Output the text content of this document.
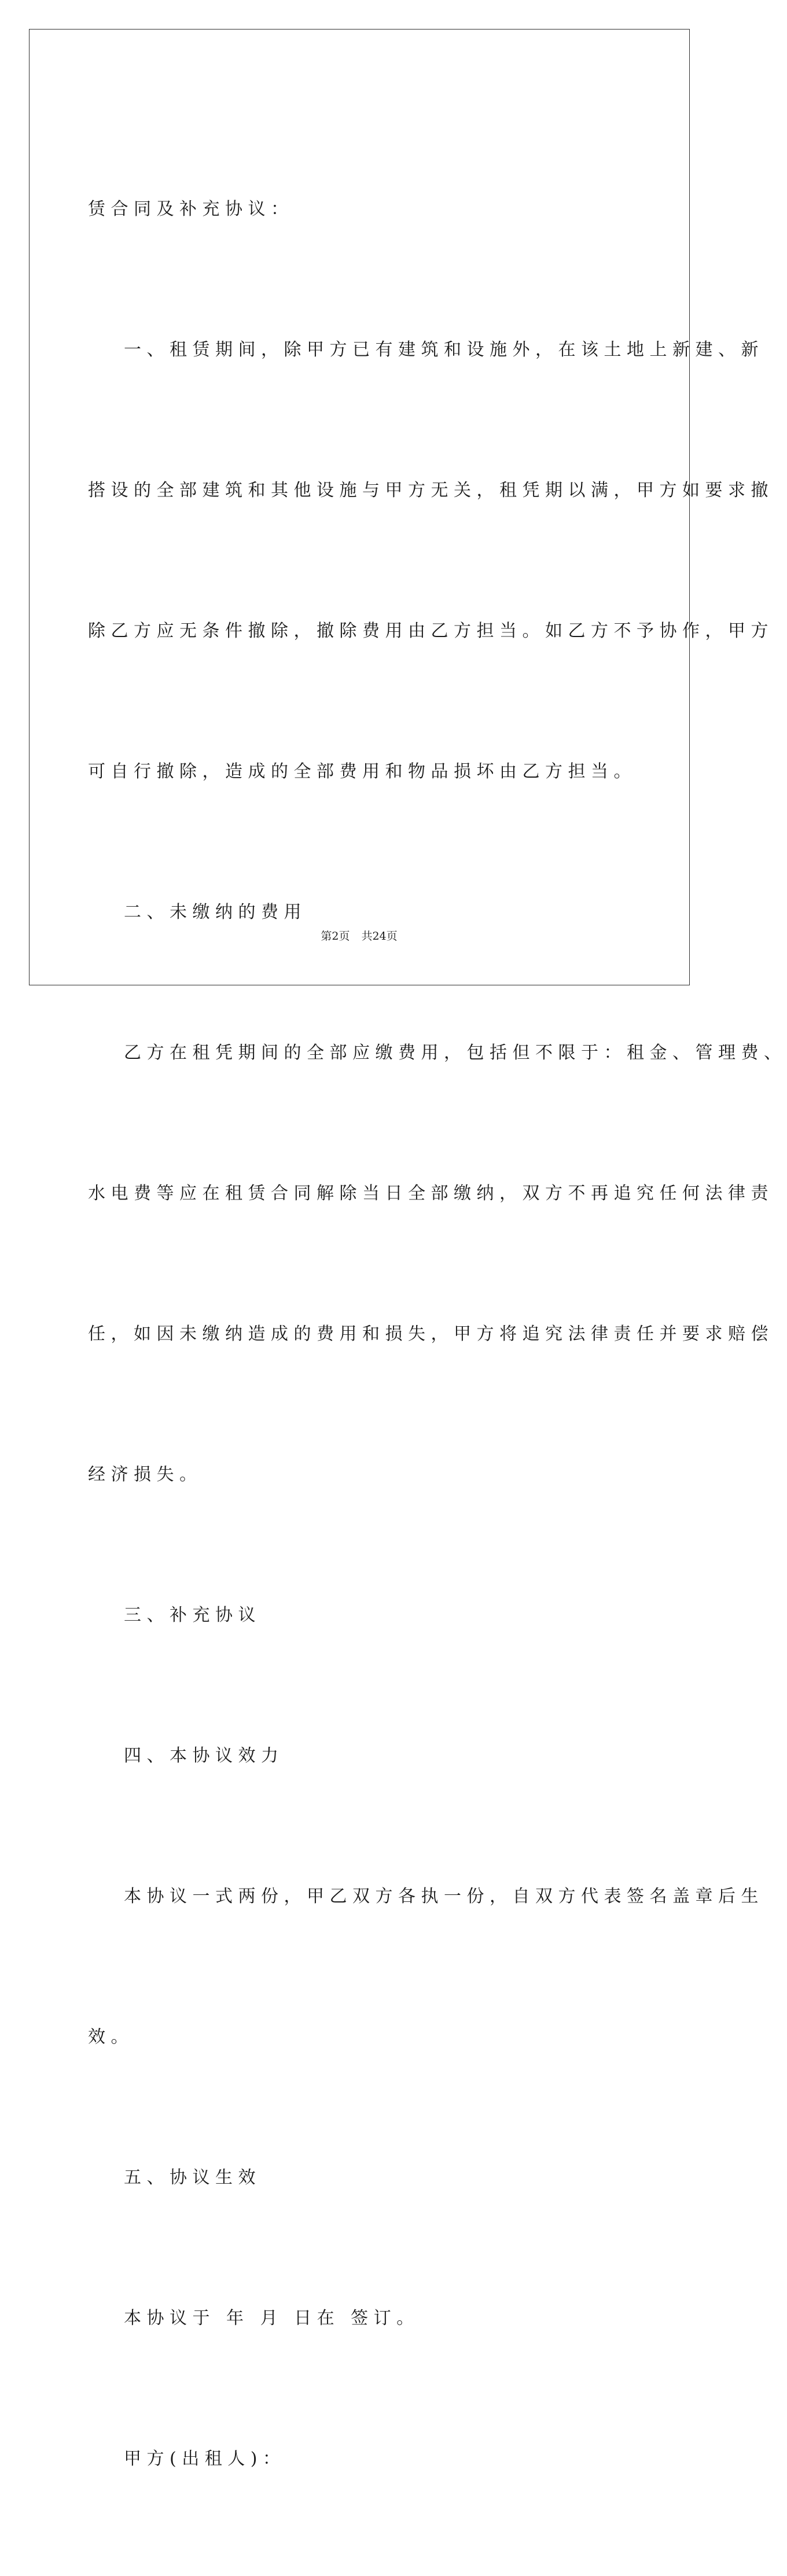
赁合同及补充协议：

一、租赁期间，除甲方已有建筑和设施外，在该土地上新建、新

搭设的全部建筑和其他设施与甲方无关，租凭期以满，甲方如要求撤

除乙方应无条件撤除，撤除费用由乙方担当。如乙方不予协作，甲方

可自行撤除，造成的全部费用和物品损坏由乙方担当。

二、未缴纳的费用

乙方在租凭期间的全部应缴费用，包括但不限于：租金、管理费、

水电费等应在租赁合同解除当日全部缴纳，双方不再追究任何法律责

任，如因未缴纳造成的费用和损失，甲方将追究法律责任并要求赔偿

经济损失。

三、补充协议

四、本协议效力

本协议一式两份，甲乙双方各执一份，自双方代表签名盖章后生

效。

五、协议生效

本协议于 年 月 日在 签订。

甲方(出租人)：

第2页 共24页
